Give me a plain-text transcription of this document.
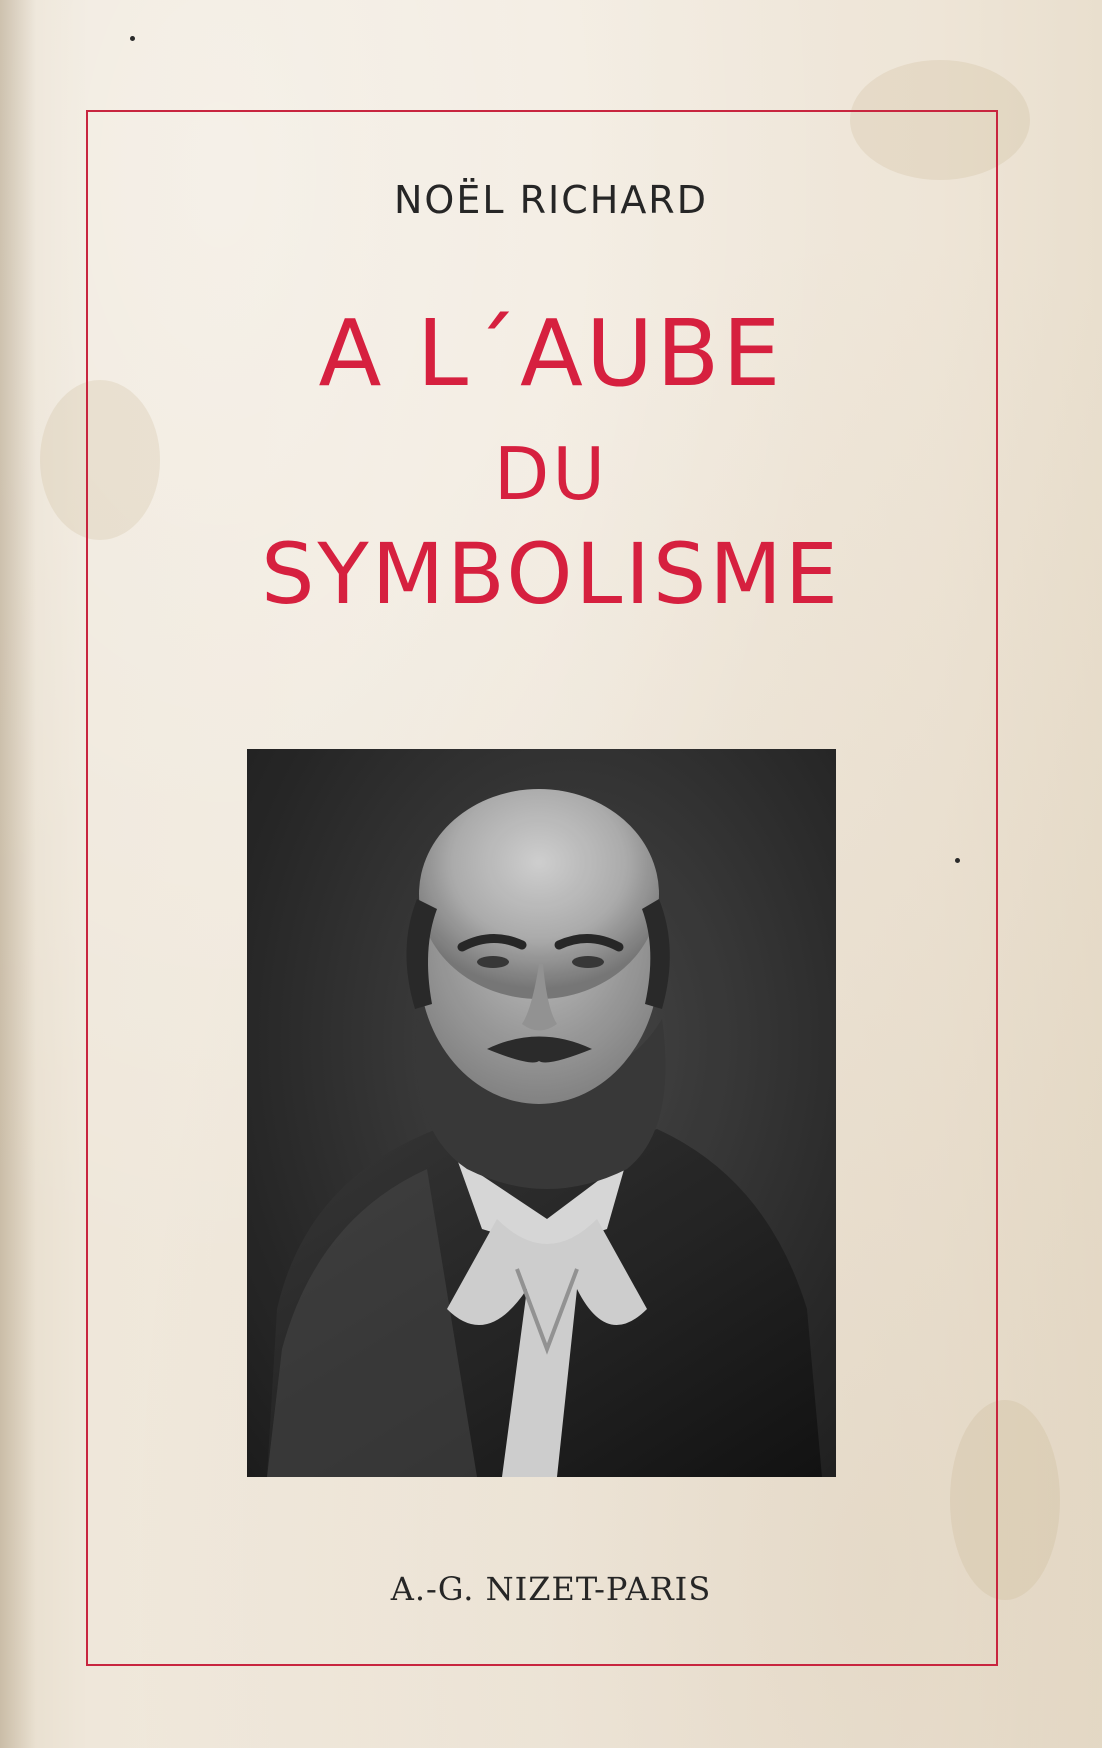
NOËL RICHARD
A L´AUBE
DU
SYMBOLISME
A.-G. NIZET-PARIS
